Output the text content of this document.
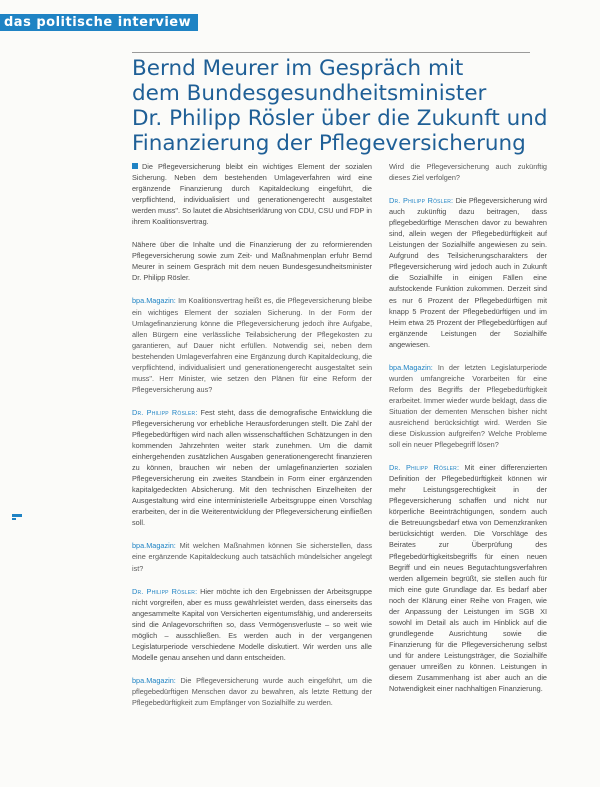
das politische interview
Bernd Meurer im Gespräch mit
dem Bundesgesundheitsminister
Dr. Philipp Rösler über die Zukunft und
Finanzierung der Pflegeversicherung

Die Pflegeversicherung bleibt ein wichtiges Element der sozialen Sicherung. Neben dem bestehenden Umlageverfahren wird eine ergänzende Finanzierung durch Kapitaldeckung eingeführt, die verpflichtend, individualisiert und generationengerecht ausgestaltet werden muss". So lautet die Absichtserklärung von CDU, CSU und FDP in ihrem Koalitionsvertrag.

Nähere über die Inhalte und die Finanzierung der zu reformierenden Pflegeversicherung sowie zum Zeit- und Maßnahmenplan erfuhr Bernd Meurer in seinem Gespräch mit dem neuen Bundesgesundheitsminister Dr. Philipp Rösler.

bpa.Magazin: Im Koalitionsvertrag heißt es, die Pflegeversicherung bleibe ein wichtiges Element der sozialen Sicherung. In der Form der Umlagefinanzierung könne die Pflegeversicherung jedoch ihre Aufgabe, allen Bürgern eine verlässliche Teilabsicherung der Pflegekosten zu garantieren, auf Dauer nicht erfüllen. Notwendig sei, neben dem bestehenden Umlageverfahren eine Ergänzung durch Kapitaldeckung, die verpflichtend, individualisiert und generationengerecht ausgestaltet sein muss". Herr Minister, wie setzen den Plänen für eine Reform der Pflegeversicherung aus?

Dr. Philipp Rösler: Fest steht, dass die demografische Entwicklung die Pflegeversicherung vor erhebliche Herausforderungen stellt. Die Zahl der Pflegebedürftigen wird nach allen wissenschaftlichen Schätzungen in den kommenden Jahrzehnten weiter stark zunehmen. Um die damit einhergehenden zusätzlichen Ausgaben generationengerecht finanzieren zu können, brauchen wir neben der umlagefinanzierten sozialen Pflegeversicherung ein zweites Standbein in Form einer ergänzenden kapitalgedeckten Absicherung. Mit den technischen Einzelheiten der Ausgestaltung wird eine interministerielle Arbeitsgruppe einen Vorschlag erarbeiten, der in die Weiterentwicklung der Pflegeversicherung einfließen soll.

bpa.Magazin: Mit welchen Maßnahmen können Sie sicherstellen, dass eine ergänzende Kapitaldeckung auch tatsächlich mündelsicher angelegt ist?

Dr. Philipp Rösler: Hier möchte ich den Ergebnissen der Arbeitsgruppe nicht vorgreifen, aber es muss gewährleistet werden, dass einerseits das angesammelte Kapital von Versicherten eigentumsfähig, und andererseits sind die Anlagevorschriften so, dass Vermögensverluste – so weit wie möglich – ausschließen. Es werden auch in der vergangenen Legislaturperiode verschiedene Modelle diskutiert. Wir werden uns alle Modelle genau ansehen und dann entscheiden.

bpa.Magazin: Die Pflegeversicherung wurde auch eingeführt, um die pflegebedürftigen Menschen davor zu bewahren, als letzte Rettung der Pflegebedürftigkeit zum Empfänger von Sozialhilfe zu werden.

Wird die Pflegeversicherung auch zukünftig dieses Ziel verfolgen?

Dr. Philipp Rösler: Die Pflegeversicherung wird auch zukünftig dazu beitragen, dass pflegebedürftige Menschen davor zu bewahren sind, allein wegen der Pflegebedürftigkeit auf Leistungen der Sozialhilfe angewiesen zu sein. Aufgrund des Teilsicherungscharakters der Pflegeversicherung wird jedoch auch in Zukunft die Sozialhilfe in einigen Fällen eine aufstockende Funktion zukommen. Derzeit sind es nur 6 Prozent der Pflegebedürftigen mit knapp 5 Prozent der Pflegebedürftigen und im Heim etwa 25 Prozent der Pflegebedürftigen auf ergänzende Leistungen der Sozialhilfe angewiesen.

bpa.Magazin: In der letzten Legislaturperiode wurden umfangreiche Vorarbeiten für eine Reform des Begriffs der Pflegebedürftigkeit erarbeitet. Immer wieder wurde beklagt, dass die Situation der dementen Menschen bisher nicht ausreichend berücksichtigt wird. Werden Sie diese Diskussion aufgreifen? Welche Probleme soll ein neuer Pflegebegriff lösen?

Dr. Philipp Rösler: Mit einer differenzierten Definition der Pflegebedürftigkeit können wir mehr Leistungsgerechtigkeit in der Pflegeversicherung schaffen und nicht nur körperliche Beeinträchtigungen, sondern auch die Betreuungsbedarf etwa von Demenzkranken berücksichtigt werden. Die Vorschläge des Beirates zur Überprüfung des Pflegebedürftigkeitsbegriffs für einen neuen Begriff und ein neues Begutachtungsverfahren werden allgemein begrüßt, sie stellen auch für mich eine gute Grundlage dar. Es bedarf aber noch der Klärung einer Reihe von Fragen, wie der Anpassung der Leistungen im SGB XI sowohl im Detail als auch im Hinblick auf die grundlegende Ausrichtung sowie die Finanzierung für die Pflegeversicherung selbst und für andere Leistungsträger, die Sozialhilfe genauer umreißen zu können. Leistungen in diesem Zusammenhang ist aber auch an die Notwendigkeit einer nachhaltigen Finanzierung.
